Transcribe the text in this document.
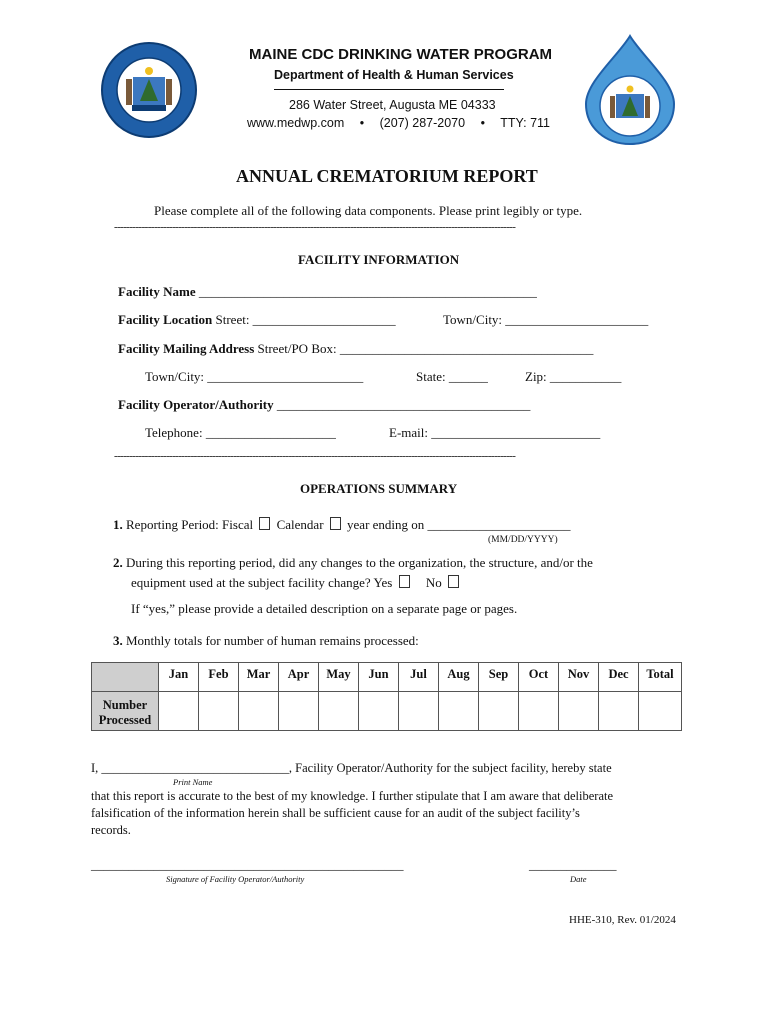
MAINE CDC DRINKING WATER PROGRAM
Department of Health & Human Services
286 Water Street, Augusta ME 04333
www.medwp.com • (207) 287-2070 • TTY: 711
ANNUAL CREMATORIUM REPORT
Please complete all of the following data components. Please print legibly or type.
-----------------------------------------------------------------------------------------------------------------------------------
FACILITY INFORMATION
Facility Name ____________________________________________________
Facility Location Street: ______________________	Town/City: ______________________
Facility Mailing Address Street/PO Box: _______________________________________
Town/City: ________________________	State: ______	Zip: ___________
Facility Operator/Authority _______________________________________
Telephone: ____________________	E-mail: __________________________
-----------------------------------------------------------------------------------------------------------------------------------
OPERATIONS SUMMARY
1. Reporting Period: Fiscal Calendar year ending on ______________________
(MM/DD/YYYY)
2. During this reporting period, did any changes to the organization, the structure, and/or the
equipment used at the subject facility change? Yes	No
If “yes,” please provide a detailed description on a separate page or pages.
3. Monthly totals for number of human remains processed:
	Jan	Feb	Mar	Apr	May	Jun	Jul	Aug	Sep	Oct	Nov	Dec	Total
Number
Processed													
I, ______________________________, Facility Operator/Authority for the subject facility, hereby state
Print Name
that this report is accurate to the best of my knowledge. I further stipulate that I am aware that deliberate
falsification of the information herein shall be sufficient cause for an audit of the subject facility’s
records.
__________________________________________________
Signature of Facility Operator/Authority
______________
Date
HHE-310, Rev. 01/2024
